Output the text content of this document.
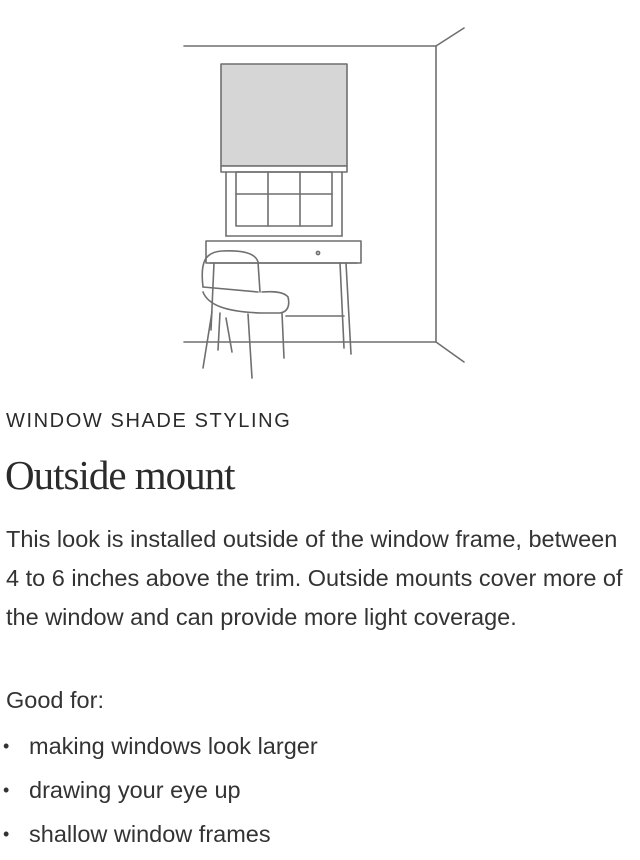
WINDOW SHADE STYLING

Outside mount

This look is installed outside of the window frame, between 4 to 6 inches above the trim. Outside mounts cover more of the window and can provide more light coverage.

Good for:

• making windows look larger
• drawing your eye up
• shallow window frames
